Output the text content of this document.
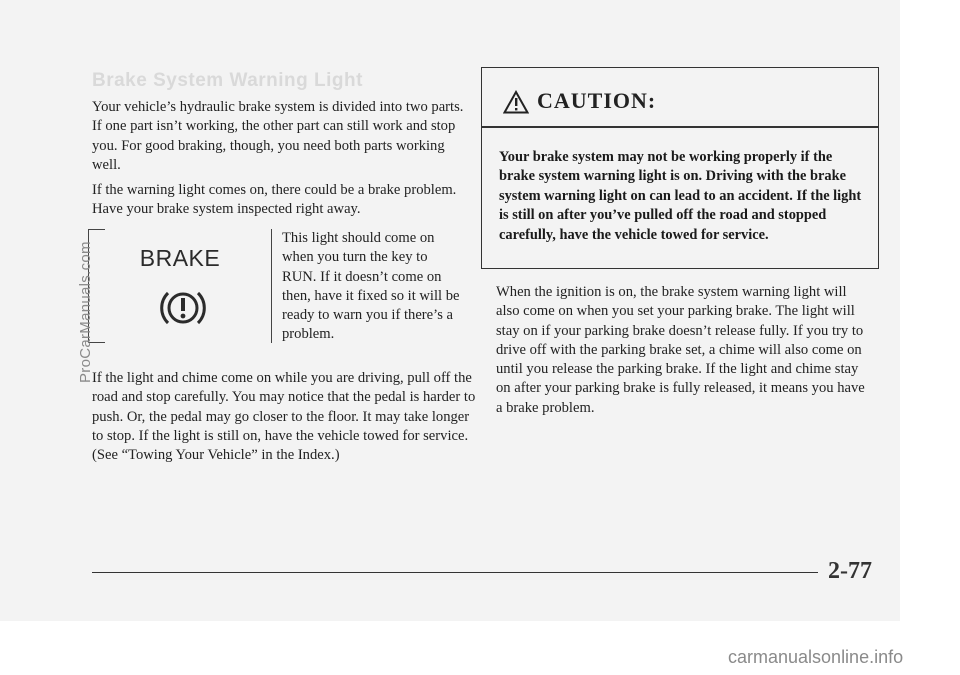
Brake System Warning Light

Your vehicle’s hydraulic brake system is divided into two parts. If one part isn’t working, the other part can still work and stop you. For good braking, though, you need both parts working well.

If the warning light comes on, there could be a brake problem. Have your brake system inspected right away.

BRAKE

This light should come on when you turn the key to RUN. If it doesn’t come on then, have it fixed so it will be ready to warn you if there’s a problem.

If the light and chime come on while you are driving, pull off the road and stop carefully. You may notice that the pedal is harder to push. Or, the pedal may go closer to the floor. It may take longer to stop. If the light is still on, have the vehicle towed for service. (See “Towing Your Vehicle” in the Index.)

CAUTION:

Your brake system may not be working properly if the brake system warning light is on. Driving with the brake system warning light on can lead to an accident. If the light is still on after you’ve pulled off the road and stopped carefully, have the vehicle towed for service.

When the ignition is on, the brake system warning light will also come on when you set your parking brake. The light will stay on if your parking brake doesn’t release fully. If you try to drive off with the parking brake set, a chime will also come on until you release the parking brake. If the light and chime stay on after your parking brake is fully released, it means you have a brake problem.

2-77

ProCarManuals.com

carmanualsonline.info
